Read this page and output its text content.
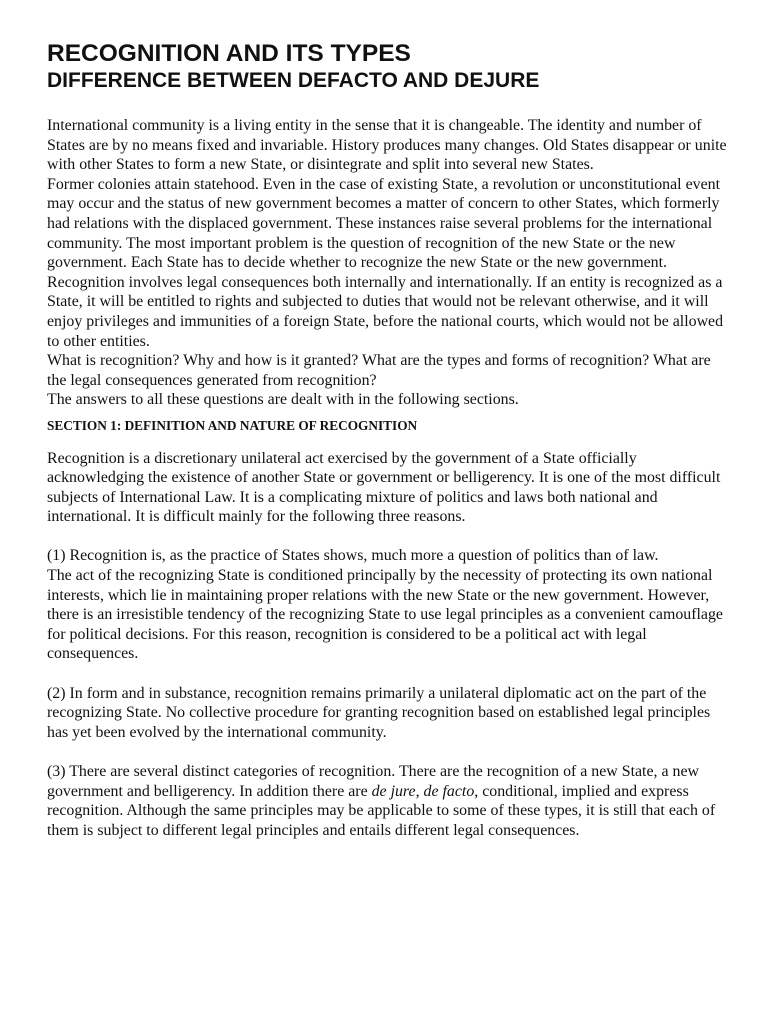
RECOGNITION AND ITS TYPES
DIFFERENCE BETWEEN DEFACTO AND DEJURE

International community is a living entity in the sense that it is changeable. The identity and number of States are by no means fixed and invariable. History produces many changes. Old States disappear or unite with other States to form a new State, or disintegrate and split into several new States.

Former colonies attain statehood. Even in the case of existing State, a revolution or unconstitutional event may occur and the status of new government becomes a matter of concern to other States, which formerly had relations with the displaced government. These instances raise several problems for the international community. The most important problem is the question of recognition of the new State or the new government. Each State has to decide whether to recognize the new State or the new government.

Recognition involves legal consequences both internally and internationally. If an entity is recognized as a State, it will be entitled to rights and subjected to duties that would not be relevant otherwise, and it will enjoy privileges and immunities of a foreign State, before the national courts, which would not be allowed to other entities.

What is recognition? Why and how is it granted? What are the types and forms of recognition? What are the legal consequences generated from recognition?

The answers to all these questions are dealt with in the following sections.

SECTION 1: DEFINITION AND NATURE OF RECOGNITION

Recognition is a discretionary unilateral act exercised by the government of a State officially acknowledging the existence of another State or government or belligerency. It is one of the most difficult subjects of International Law. It is a complicating mixture of politics and laws both national and international. It is difficult mainly for the following three reasons.

(1) Recognition is, as the practice of States shows, much more a question of politics than of law.

The act of the recognizing State is conditioned principally by the necessity of protecting its own national interests, which lie in maintaining proper relations with the new State or the new government. However, there is an irresistible tendency of the recognizing State to use legal principles as a convenient camouflage for political decisions. For this reason, recognition is considered to be a political act with legal consequences.

(2) In form and in substance, recognition remains primarily a unilateral diplomatic act on the part of the recognizing State. No collective procedure for granting recognition based on established legal principles has yet been evolved by the international community.

(3) There are several distinct categories of recognition. There are the recognition of a new State, a new government and belligerency. In addition there are de jure, de facto, conditional, implied and express recognition. Although the same principles may be applicable to some of these types, it is still that each of them is subject to different legal principles and entails different legal consequences.
